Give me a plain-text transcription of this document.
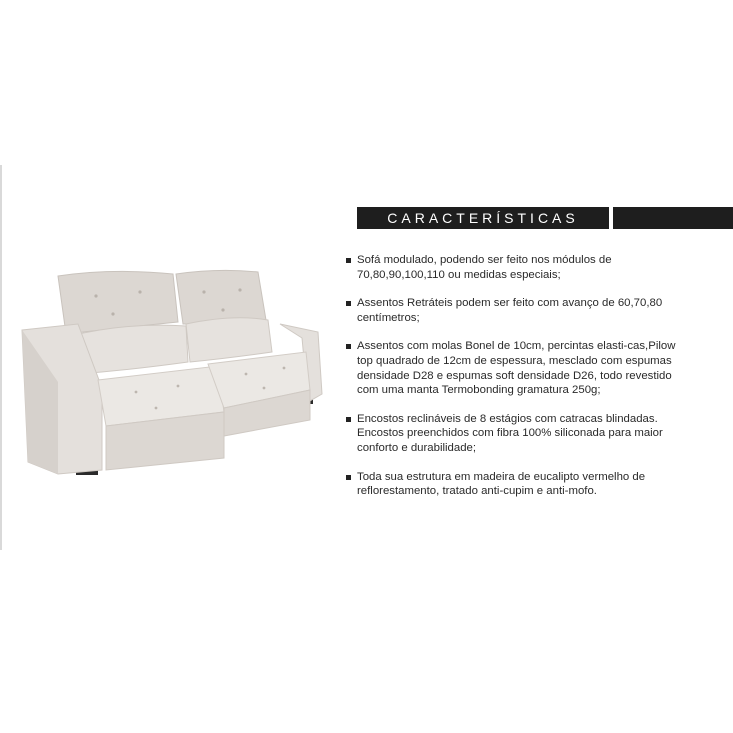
CARACTERÍSTICAS
Sofá modulado, podendo ser feito nos módulos de 70,80,90,100,110 ou medidas especiais;
Assentos Retráteis podem ser feito com avanço de 60,70,80 centímetros;
Assentos com molas Bonel de 10cm, percintas elasti-cas,Pilow top quadrado de 12cm de espessura, mesclado com espumas densidade D28 e espumas soft densidade D26, todo revestido com uma manta Termobonding gramatura 250g;
Encostos reclináveis de 8 estágios com catracas blindadas. Encostos preenchidos com fibra 100% siliconada para maior conforto e durabilidade;
Toda sua estrutura em madeira de eucalipto vermelho de reflorestamento, tratado anti-cupim e anti-mofo.
